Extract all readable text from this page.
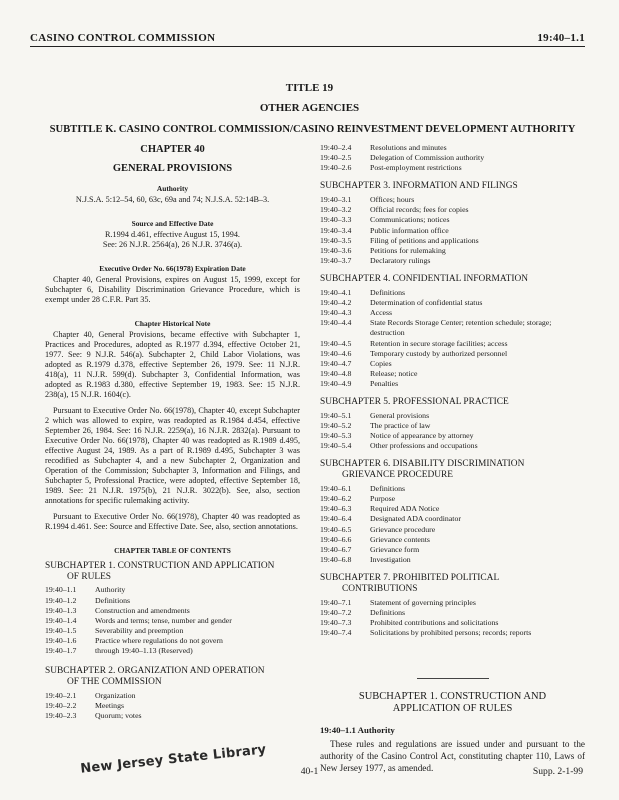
CASINO CONTROL COMMISSION	19:40–1.1
TITLE 19
OTHER AGENCIES
SUBTITLE K. CASINO CONTROL COMMISSION/CASINO REINVESTMENT DEVELOPMENT AUTHORITY
CHAPTER 40
GENERAL PROVISIONS
Authority

N.J.S.A. 5:12–54, 60, 63c, 69a and 74; N.J.S.A. 52:14B–3.

Source and Effective Date

R.1994 d.461, effective August 15, 1994.

See: 26 N.J.R. 2564(a), 26 N.J.R. 3746(a).

Executive Order No. 66(1978) Expiration Date

Chapter 40, General Provisions, expires on August 15, 1999, except for Subchapter 6, Disability Discrimination Grievance Procedure, which is exempt under 28 C.F.R. Part 35.

Chapter Historical Note

Chapter 40, General Provisions, became effective with Subchapter 1, Practices and Procedures, adopted as R.1977 d.394, effective October 21, 1977. See: 9 N.J.R. 546(a). Subchapter 2, Child Labor Violations, was adopted as R.1979 d.378, effective September 26, 1979. See: 11 N.J.R. 418(a), 11 N.J.R. 599(d). Subchapter 3, Confidential Information, was adopted as R.1983 d.380, effective September 19, 1983. See: 15 N.J.R. 238(a), 15 N.J.R. 1604(c).

Pursuant to Executive Order No. 66(1978), Chapter 40, except Subchapter 2 which was allowed to expire, was readopted as R.1984 d.454, effective September 26, 1984. See: 16 N.J.R. 2259(a), 16 N.J.R. 2832(a). Pursuant to Executive Order No. 66(1978), Chapter 40 was readopted as R.1989 d.495, effective August 24, 1989. As a part of R.1989 d.495, Subchapter 3 was recodified as Subchapter 4, and a new Subchapter 2, Organization and Operation of the Commission; Subchapter 3, Information and Filings, and Subchapter 5, Professional Practice, were adopted, effective September 18, 1989. See: 21 N.J.R. 1975(b), 21 N.J.R. 3022(b). See, also, section annotations for specific rulemaking activity.

Pursuant to Executive Order No. 66(1978), Chapter 40 was readopted as R.1994 d.461. See: Source and Effective Date. See, also, section annotations.

CHAPTER TABLE OF CONTENTS
SUBCHAPTER 1. CONSTRUCTION AND APPLICATION
OF RULES
19:40–1.1	Authority
19:40–1.2	Definitions
19:40–1.3	Construction and amendments
19:40–1.4	Words and terms; tense, number and gender
19:40–1.5	Severability and preemption
19:40–1.6	Practice where regulations do not govern
19:40–1.7	through 19:40–1.13 (Reserved)
SUBCHAPTER 2. ORGANIZATION AND OPERATION
OF THE COMMISSION
19:40–2.1	Organization
19:40–2.2	Meetings
19:40–2.3	Quorum; votes
19:40–2.4	Resolutions and minutes
19:40–2.5	Delegation of Commission authority
19:40–2.6	Post-employment restrictions
SUBCHAPTER 3. INFORMATION AND FILINGS
19:40–3.1	Offices; hours
19:40–3.2	Official records; fees for copies
19:40–3.3	Communications; notices
19:40–3.4	Public information office
19:40–3.5	Filing of petitions and applications
19:40–3.6	Petitions for rulemaking
19:40–3.7	Declaratory rulings
SUBCHAPTER 4. CONFIDENTIAL INFORMATION
19:40–4.1	Definitions
19:40–4.2	Determination of confidential status
19:40–4.3	Access
19:40–4.4	State Records Storage Center; retention schedule; storage; destruction
19:40–4.5	Retention in secure storage facilities; access
19:40–4.6	Temporary custody by authorized personnel
19:40–4.7	Copies
19:40–4.8	Release; notice
19:40–4.9	Penalties
SUBCHAPTER 5. PROFESSIONAL PRACTICE
19:40–5.1	General provisions
19:40–5.2	The practice of law
19:40–5.3	Notice of appearance by attorney
19:40–5.4	Other professions and occupations
SUBCHAPTER 6. DISABILITY DISCRIMINATION
GRIEVANCE PROCEDURE
19:40–6.1	Definitions
19:40–6.2	Purpose
19:40–6.3	Required ADA Notice
19:40–6.4	Designated ADA coordinator
19:40–6.5	Grievance procedure
19:40–6.6	Grievance contents
19:40–6.7	Grievance form
19:40–6.8	Investigation
SUBCHAPTER 7. PROHIBITED POLITICAL
CONTRIBUTIONS
19:40–7.1	Statement of governing principles
19:40–7.2	Definitions
19:40–7.3	Prohibited contributions and solicitations
19:40–7.4	Solicitations by prohibited persons; records; reports
SUBCHAPTER 1. CONSTRUCTION AND
APPLICATION OF RULES
19:40–1.1 Authority

These rules and regulations are issued under and pursuant to the authority of the Casino Control Act, constituting chapter 110, Laws of New Jersey 1977, as amended.

New Jersey State Library	40-1	Supp. 2-1-99
